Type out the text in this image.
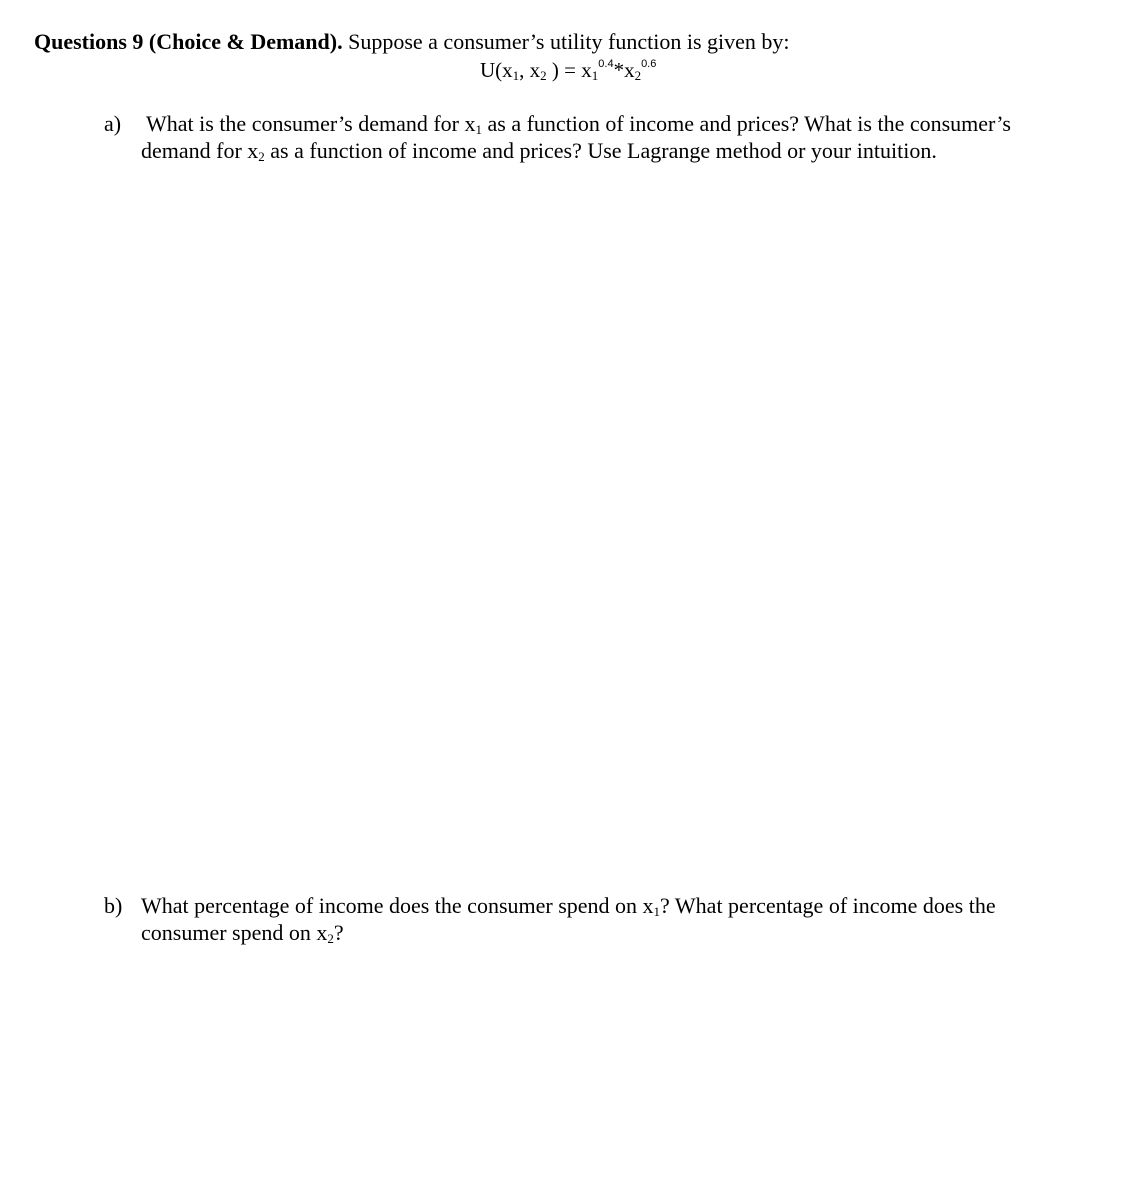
Questions 9 (Choice & Demand). Suppose a consumer’s utility function is given by:
$U(x_1$, $x_2$ ) = $x_1^{0.4}*x_2^{0.6}$
a) What is the consumer’s demand for $x_1$ as a function of income and prices? What is the consumer’s demand for $x_2$ as a function of income and prices? Use Lagrange method or your intuition.
b) What percentage of income does the consumer spend on $x_1$? What percentage of income does the consumer spend on $x_2$?
